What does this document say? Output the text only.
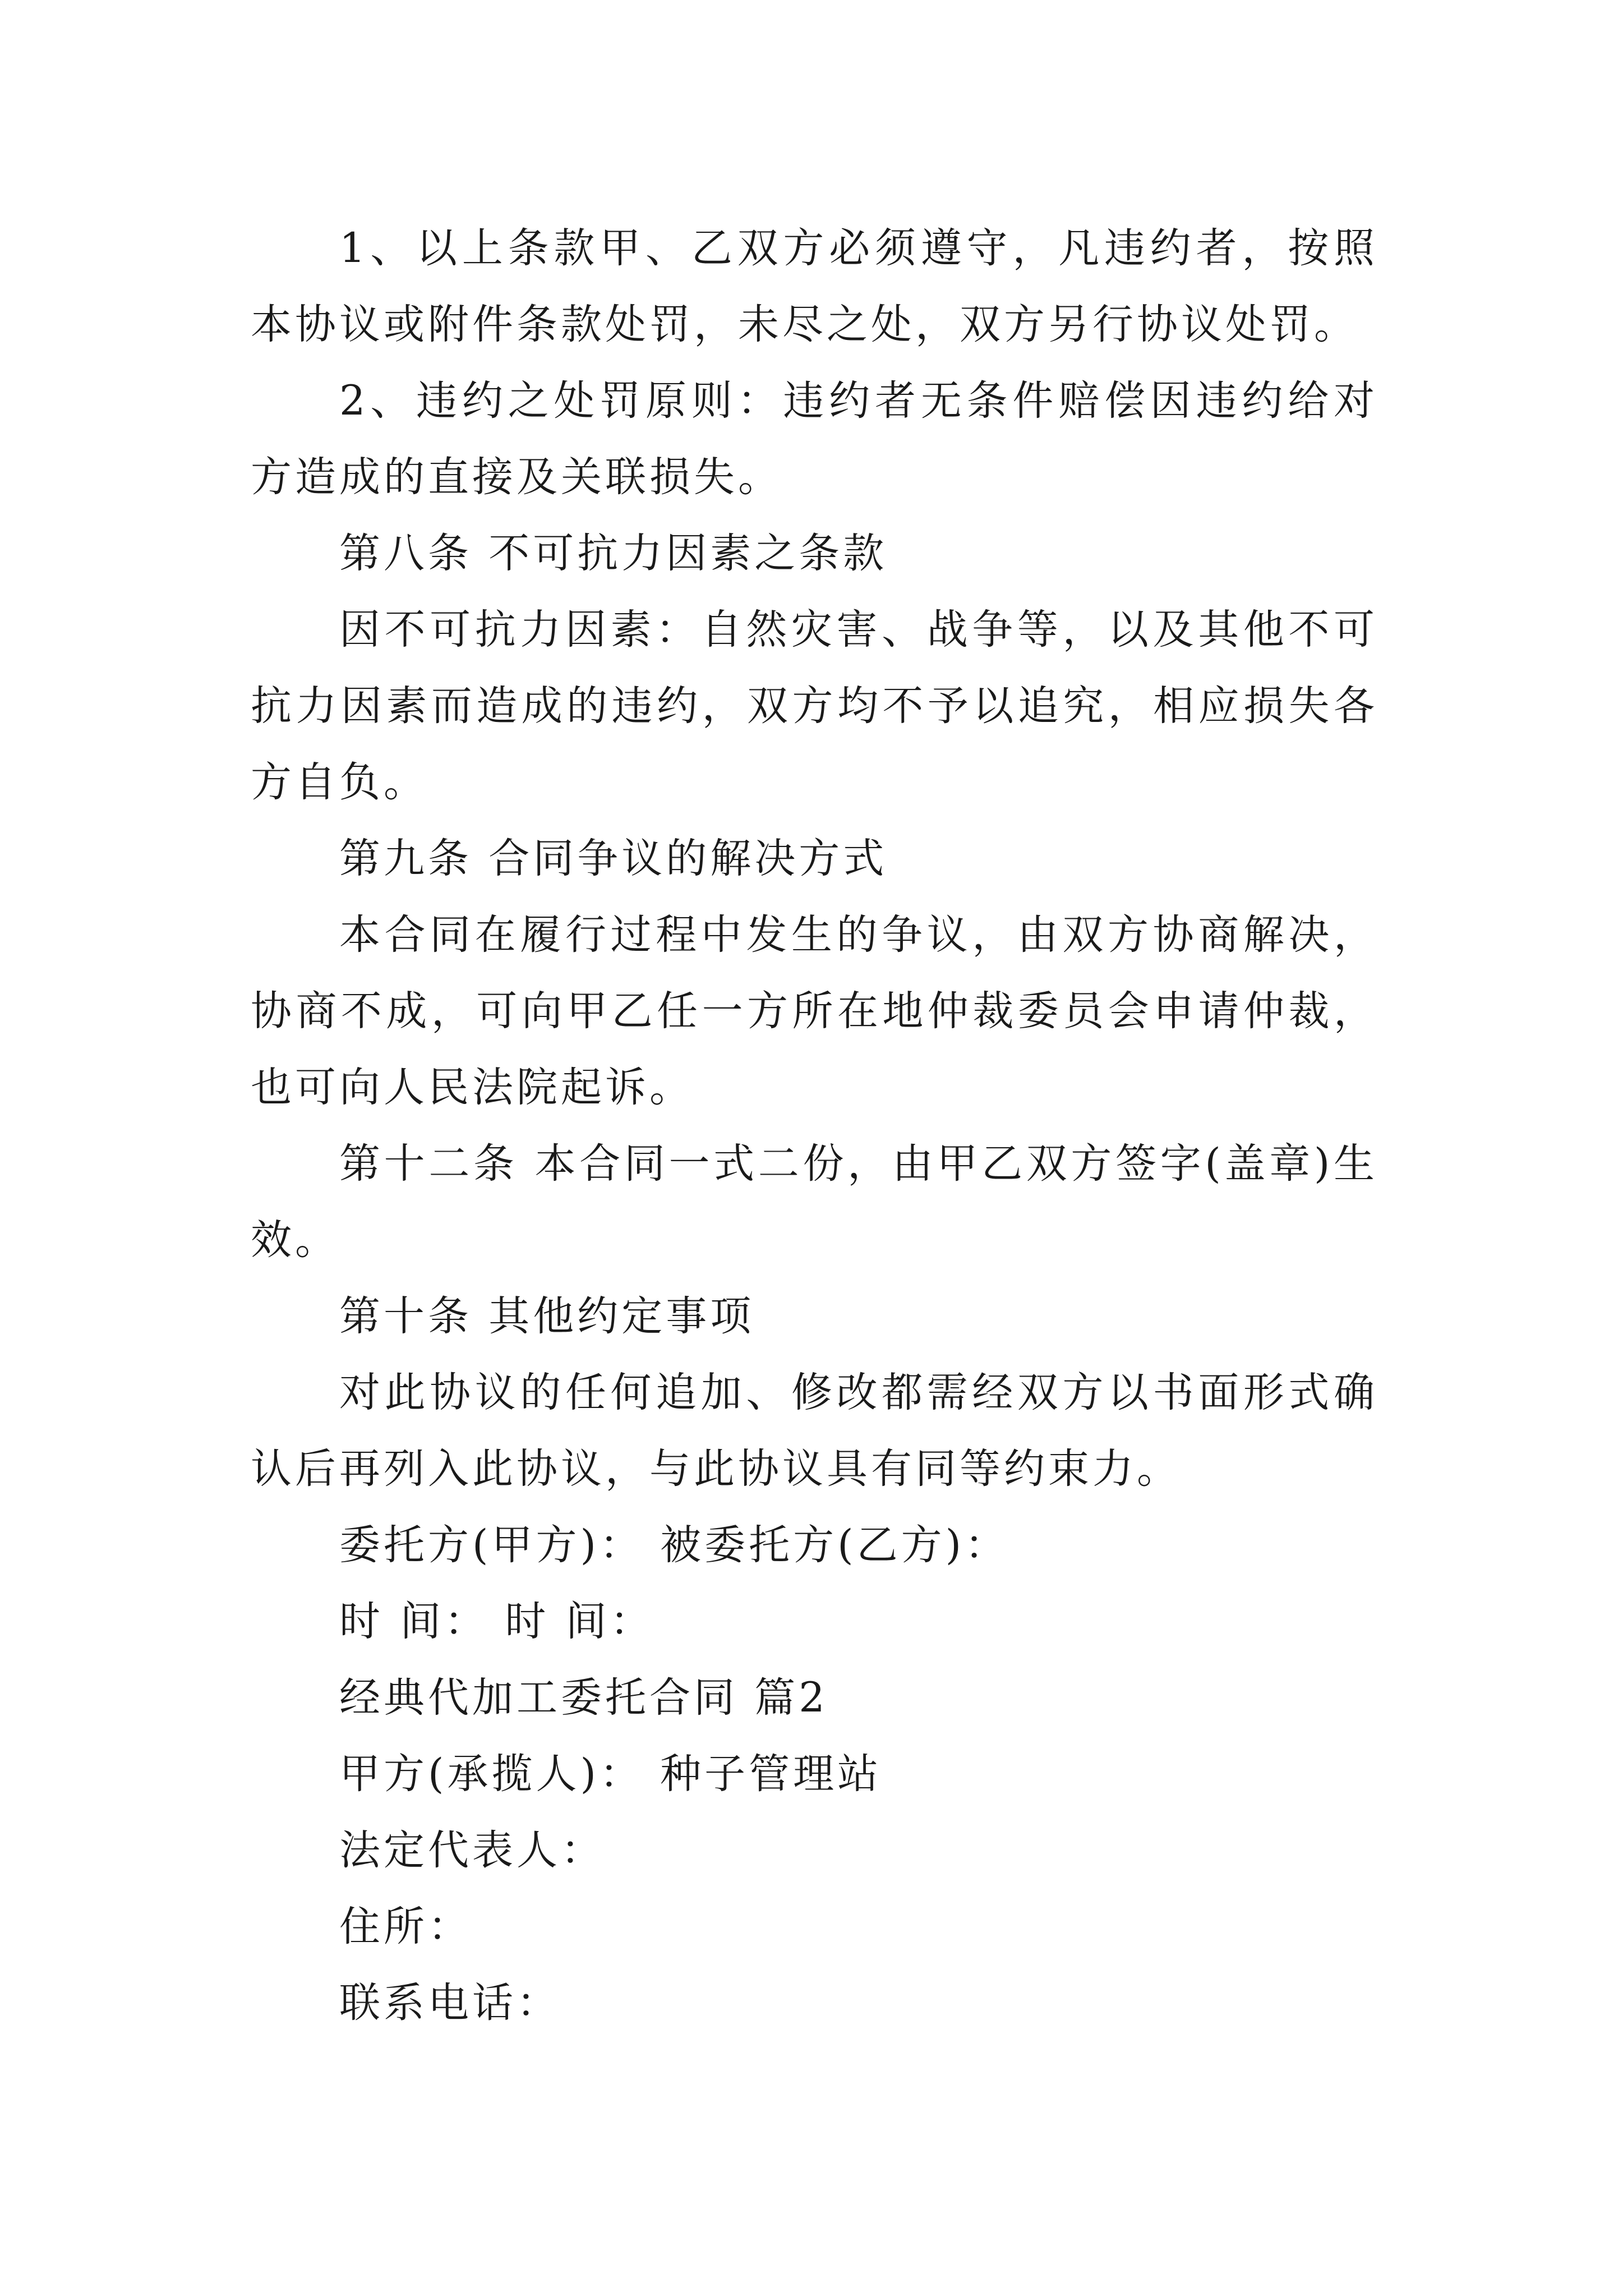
1、以上条款甲、乙双方必须遵守，凡违约者，按照本协议或附件条款处罚，未尽之处，双方另行协议处罚。

2、违约之处罚原则：违约者无条件赔偿因违约给对方造成的直接及关联损失。

第八条 不可抗力因素之条款

因不可抗力因素：自然灾害、战争等，以及其他不可抗力因素而造成的违约，双方均不予以追究，相应损失各方自负。

第九条 合同争议的解决方式

本合同在履行过程中发生的争议，由双方协商解决，协商不成，可向甲乙任一方所在地仲裁委员会申请仲裁，也可向人民法院起诉。

第十二条 本合同一式二份，由甲乙双方签字(盖章)生效。

第十条 其他约定事项

对此协议的任何追加、修改都需经双方以书面形式确认后再列入此协议，与此协议具有同等约束力。

委托方(甲方)： 被委托方(乙方)：

时 间： 时 间：

经典代加工委托合同 篇2

甲方(承揽人)： 种子管理站

法定代表人：

住所：

联系电话：
